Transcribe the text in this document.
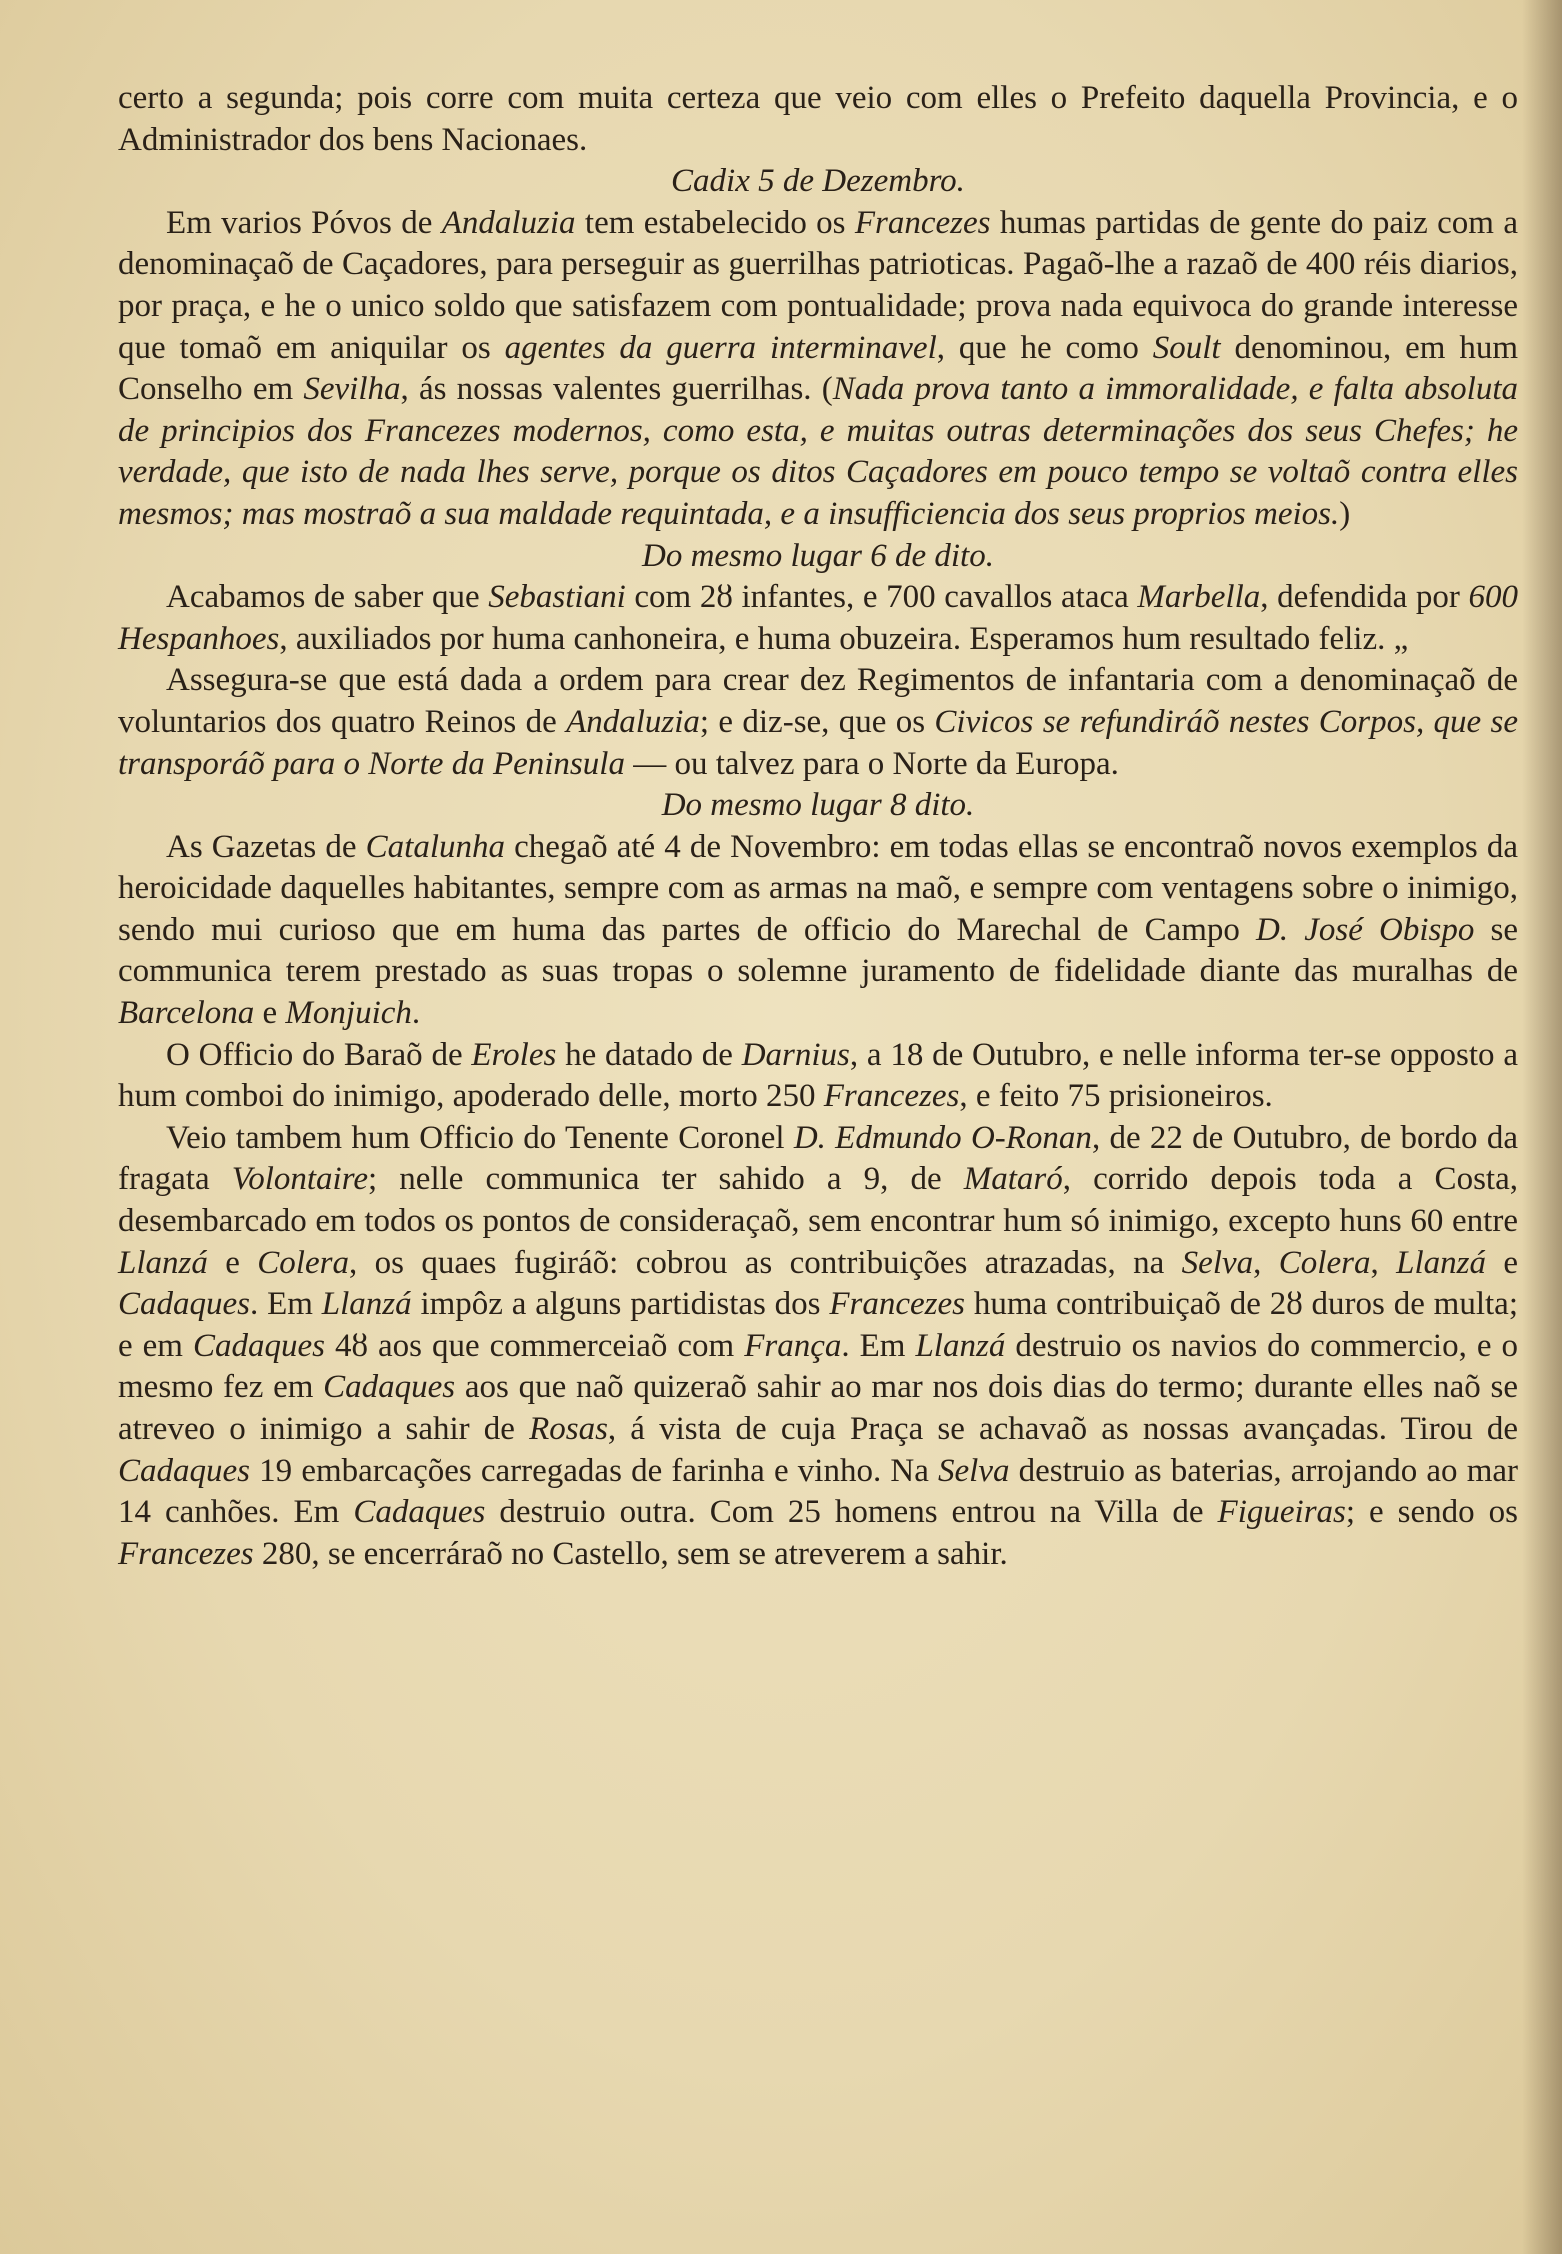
certo a segunda; pois corre com muita certeza que veio com elles o Prefeito daquella Provincia, e o Administrador dos bens Nacionaes.

Cadix 5 de Dezembro.

Em varios Póvos de Andaluzia tem estabelecido os Francezes humas partidas de gente do paiz com a denominaçaõ de Caçadores, para perseguir as guerrilhas patrioticas. Pagaõ-lhe a razaõ de 400 réis diarios, por praça, e he o unico soldo que satisfazem com pontualidade; prova nada equivoca do grande interesse que tomaõ em aniquilar os agentes da guerra interminavel, que he como Soult denominou, em hum Conselho em Sevilha, ás nossas valentes guerrilhas. (Nada prova tanto a immoralidade, e falta absoluta de principios dos Francezes modernos, como esta, e muitas outras determinações dos seus Chefes; he verdade, que isto de nada lhes serve, porque os ditos Caçadores em pouco tempo se voltaõ contra elles mesmos; mas mostraõ a sua maldade requintada, e a insufficiencia dos seus proprios meios.)

Do mesmo lugar 6 de dito.

Acabamos de saber que Sebastiani com 2ȣ infantes, e 700 cavallos ataca Marbella, defendida por 600 Hespanhoes, auxiliados por huma canhoneira, e huma obuzeira. Esperamos hum resultado feliz. „

Assegura-se que está dada a ordem para crear dez Regimentos de infantaria com a denominaçaõ de voluntarios dos quatro Reinos de Andaluzia; e diz-se, que os Civicos se refundiráõ nestes Corpos, que se transporáõ para o Norte da Peninsula — ou talvez para o Norte da Europa.

Do mesmo lugar 8 dito.

As Gazetas de Catalunha chegaõ até 4 de Novembro: em todas ellas se encontraõ novos exemplos da heroicidade daquelles habitantes, sempre com as armas na maõ, e sempre com ventagens sobre o inimigo, sendo mui curioso que em huma das partes de officio do Marechal de Campo D. José Obispo se communica terem prestado as suas tropas o solemne juramento de fidelidade diante das muralhas de Barcelona e Monjuich.

O Officio do Baraõ de Eroles he datado de Darnius, a 18 de Outubro, e nelle informa ter-se opposto a hum comboi do inimigo, apoderado delle, morto 250 Francezes, e feito 75 prisioneiros.

Veio tambem hum Officio do Tenente Coronel D. Edmundo O-Ronan, de 22 de Outubro, de bordo da fragata Volontaire; nelle communica ter sahido a 9, de Mataró, corrido depois toda a Costa, desembarcado em todos os pontos de consideraçaõ, sem encontrar hum só inimigo, excepto huns 60 entre Llanzá e Colera, os quaes fugiráõ: cobrou as contribuições atrazadas, na Selva, Colera, Llanzá e Cadaques. Em Llanzá impôz a alguns partidistas dos Francezes huma contribuiçaõ de 2ȣ duros de multa; e em Cadaques 4ȣ aos que commerceiaõ com França. Em Llanzá destruio os navios do commercio, e o mesmo fez em Cadaques aos que naõ quizeraõ sahir ao mar nos dois dias do termo; durante elles naõ se atreveo o inimigo a sahir de Rosas, á vista de cuja Praça se achavaõ as nossas avançadas. Tirou de Cadaques 19 embarcações carregadas de farinha e vinho. Na Selva destruio as baterias, arrojando ao mar 14 canhões. Em Cadaques destruio outra. Com 25 homens entrou na Villa de Figueiras; e sendo os Francezes 280, se encerráraõ no Castello, sem se atreverem a sahir.
